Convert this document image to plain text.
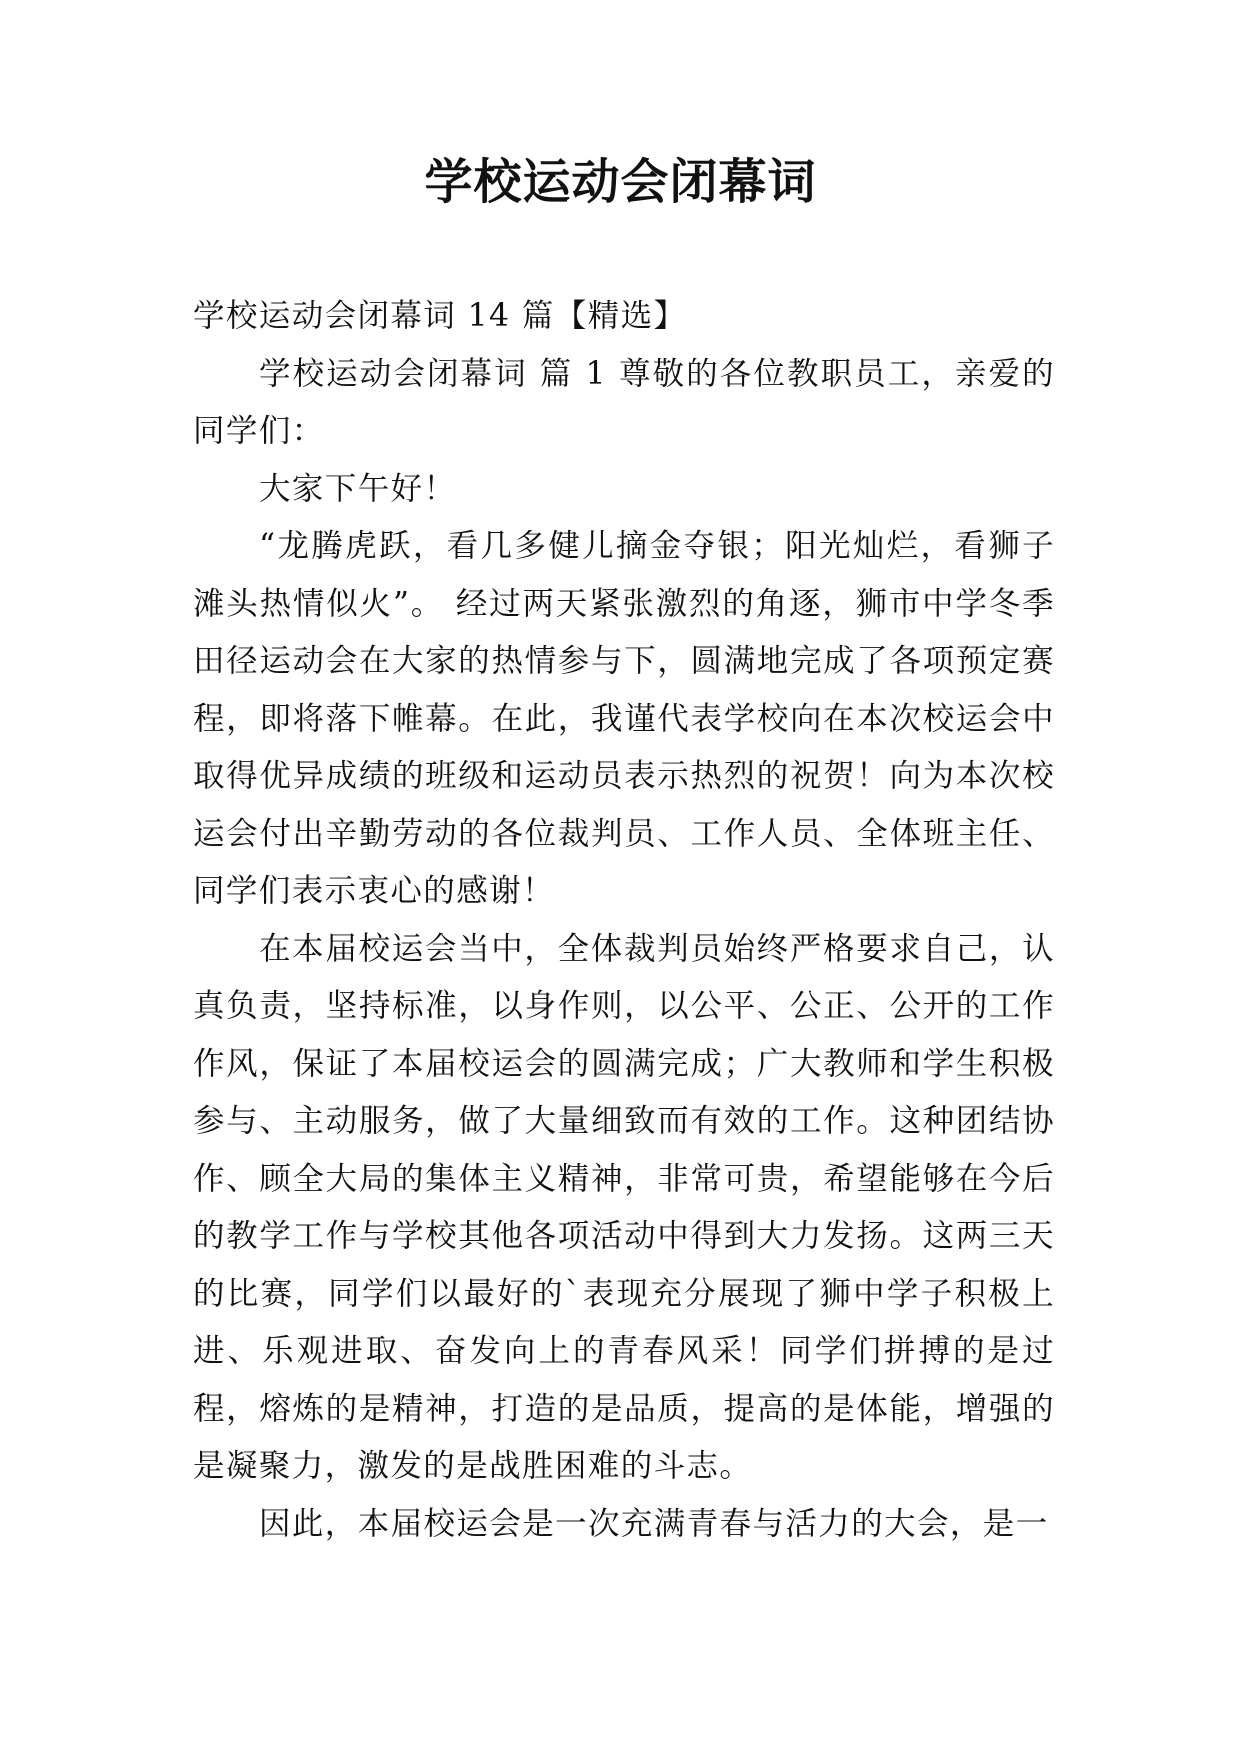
学校运动会闭幕词

学校运动会闭幕词 14 篇【精选】

学校运动会闭幕词 篇 1 尊敬的各位教职员工，亲爱的同学们：

大家下午好！

“龙腾虎跃，看几多健儿摘金夺银；阳光灿烂，看狮子滩头热情似火”。 经过两天紧张激烈的角逐，狮市中学冬季田径运动会在大家的热情参与下，圆满地完成了各项预定赛程，即将落下帷幕。在此，我谨代表学校向在本次校运会中取得优异成绩的班级和运动员表示热烈的祝贺！向为本次校运会付出辛勤劳动的各位裁判员、工作人员、全体班主任、同学们表示衷心的感谢！

在本届校运会当中，全体裁判员始终严格要求自己，认真负责，坚持标准，以身作则，以公平、公正、公开的工作作风，保证了本届校运会的圆满完成；广大教师和学生积极参与、主动服务，做了大量细致而有效的工作。这种团结协作、顾全大局的集体主义精神，非常可贵，希望能够在今后的教学工作与学校其他各项活动中得到大力发扬。这两三天的比赛，同学们以最好的`表现充分展现了狮中学子积极上进、乐观进取、奋发向上的青春风采！同学们拼搏的是过程，熔炼的是精神，打造的是品质，提高的是体能，增强的是凝聚力，激发的是战胜困难的斗志。

因此，本届校运会是一次充满青春与活力的大会，是一
